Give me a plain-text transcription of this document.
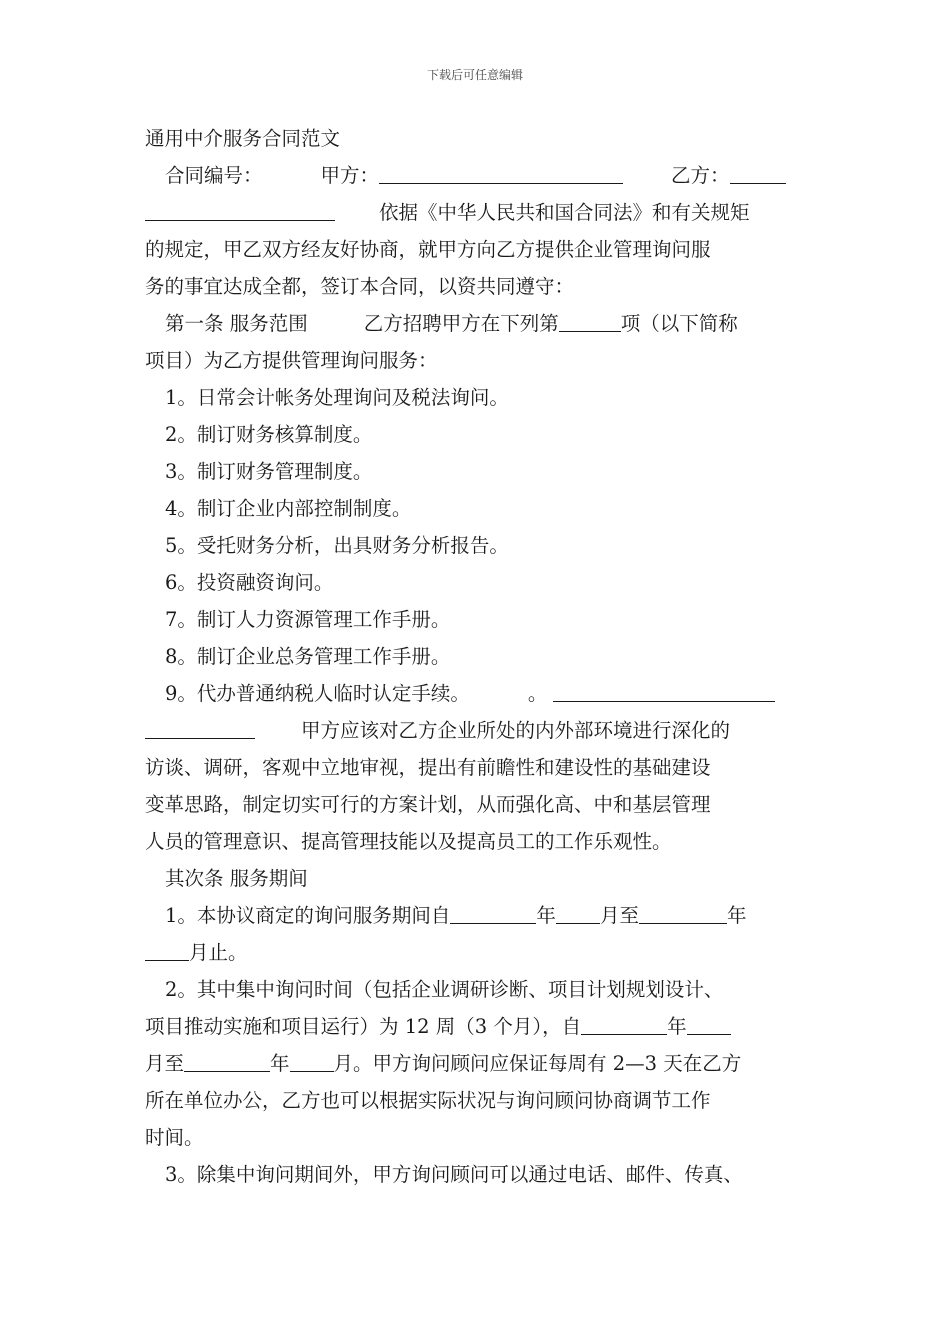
下载后可任意编辑
通用中介服务合同范文
合同编号：	甲方：	乙方：
依据《中华人民共和国合同法》和有关规矩
的规定，甲乙双方经友好协商，就甲方向乙方提供企业管理询问服
务的事宜达成全都，签订本合同，以资共同遵守：
第一条 服务范围	乙方招聘甲方在下列第	项（以下简称
项目）为乙方提供管理询问服务：
1。日常会计帐务处理询问及税法询问。
2。制订财务核算制度。
3。制订财务管理制度。
4。制订企业内部控制制度。
5。受托财务分析，出具财务分析报告。
6。投资融资询问。
7。制订人力资源管理工作手册。
8。制订企业总务管理工作手册。
9。代办普通纳税人临时认定手续。	。
甲方应该对乙方企业所处的内外部环境进行深化的
访谈、调研，客观中立地审视，提出有前瞻性和建设性的基础建设
变革思路，制定切实可行的方案计划，从而强化高、中和基层管理
人员的管理意识、提高管理技能以及提高员工的工作乐观性。
其次条 服务期间
1。本协议商定的询问服务期间自	年 月至	年
月止。
2。其中集中询问时间（包括企业调研诊断、项目计划规划设计、
项目推动实施和项目运行）为 12 周（3 个月），自	年
月至	年 月。甲方询问顾问应保证每周有 2—3 天在乙方
所在单位办公，乙方也可以根据实际状况与询问顾问协商调节工作
时间。
3。除集中询问期间外，甲方询问顾问可以通过电话、邮件、传真、
